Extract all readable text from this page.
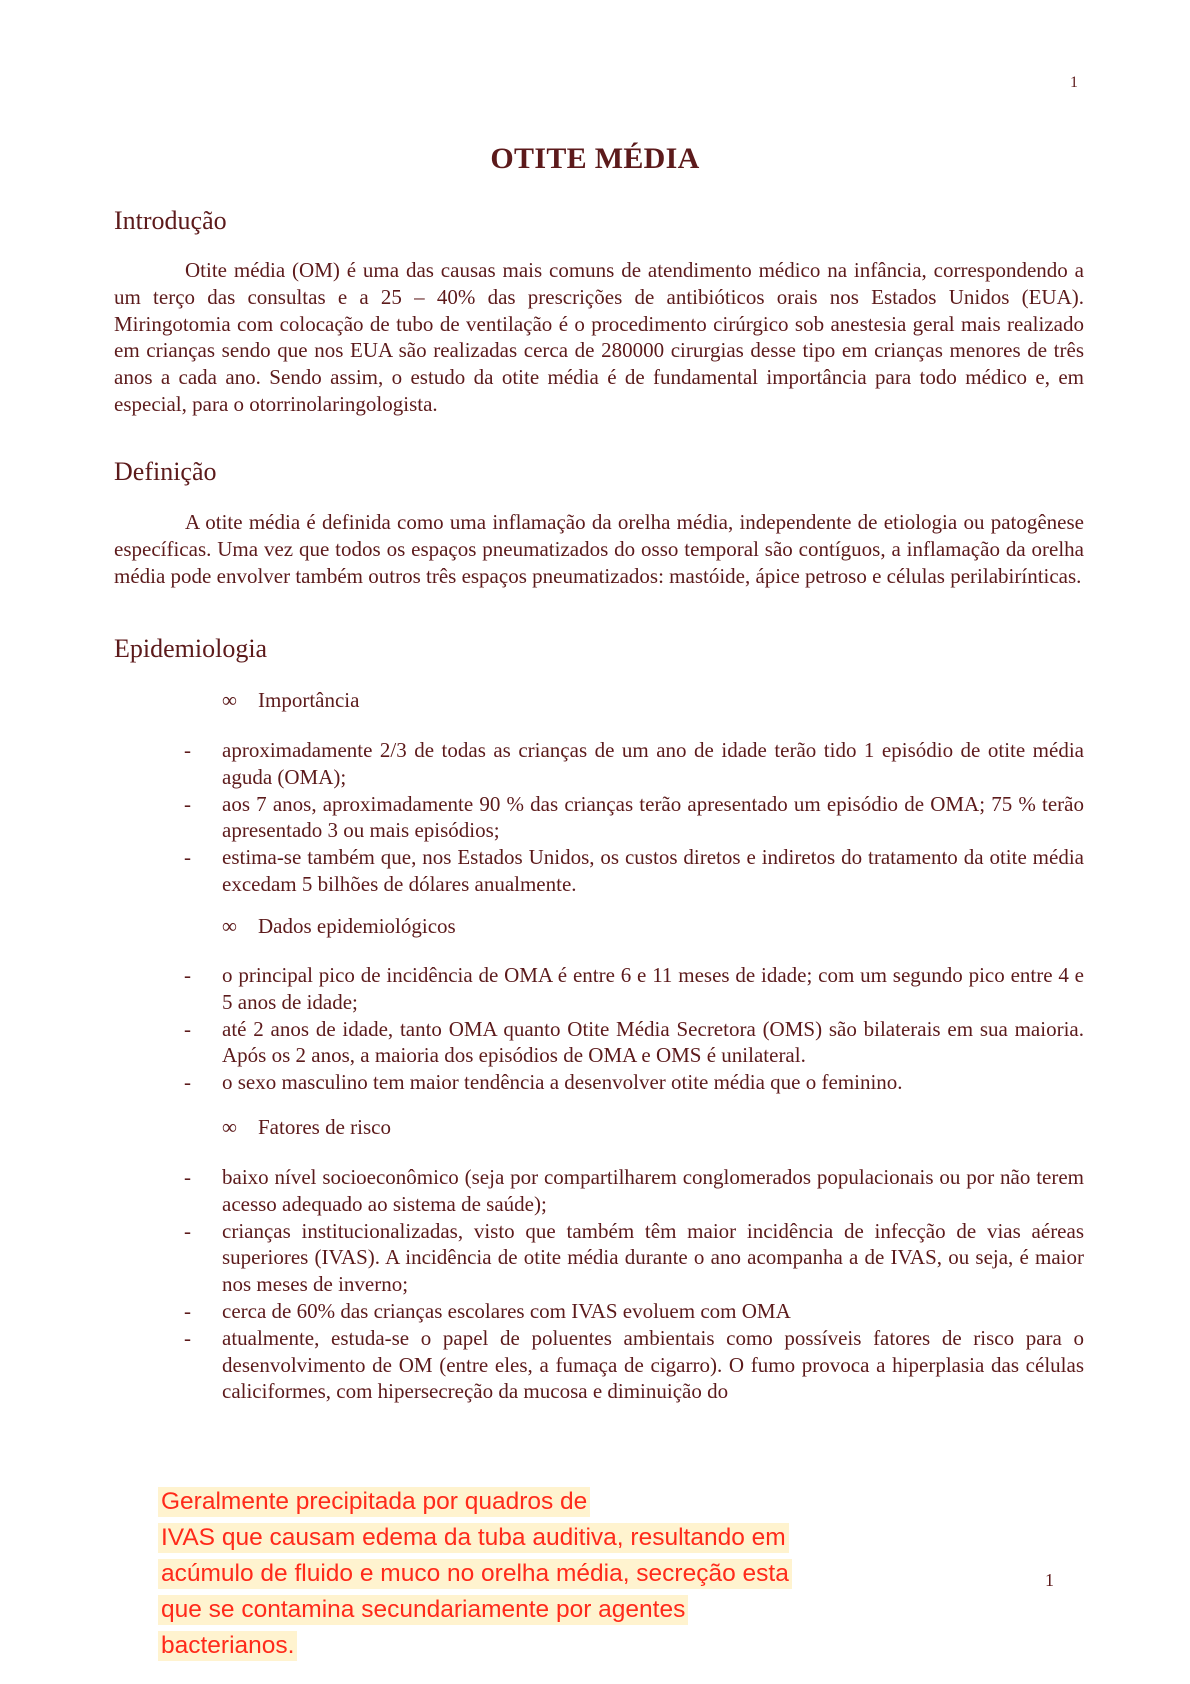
1
OTITE MÉDIA
Introdução

Otite média (OM) é uma das causas mais comuns de atendimento médico na infância, correspondendo a um terço das consultas e a 25 – 40% das prescrições de antibióticos orais nos Estados Unidos (EUA). Miringotomia com colocação de tubo de ventilação é o procedimento cirúrgico sob anestesia geral mais realizado em crianças sendo que nos EUA são realizadas cerca de 280000 cirurgias desse tipo em crianças menores de três anos a cada ano. Sendo assim, o estudo da otite média é de fundamental importância para todo médico e, em especial, para o otorrinolaringologista.

Definição

A otite média é definida como uma inflamação da orelha média, independente de etiologia ou patogênese específicas. Uma vez que todos os espaços pneumatizados do osso temporal são contíguos, a inflamação da orelha média pode envolver também outros três espaços pneumatizados: mastóide, ápice petroso e células perilabirínticas.

Epidemiologia
∞ Importância
- aproximadamente 2/3 de todas as crianças de um ano de idade terão tido 1 episódio de otite média aguda (OMA);
- aos 7 anos, aproximadamente 90 % das crianças terão apresentado um episódio de OMA; 75 % terão apresentado 3 ou mais episódios;
- estima-se também que, nos Estados Unidos, os custos diretos e indiretos do tratamento da otite média excedam 5 bilhões de dólares anualmente.
∞ Dados epidemiológicos
- o principal pico de incidência de OMA é entre 6 e 11 meses de idade; com um segundo pico entre 4 e 5 anos de idade;
- até 2 anos de idade, tanto OMA quanto Otite Média Secretora (OMS) são bilaterais em sua maioria. Após os 2 anos, a maioria dos episódios de OMA e OMS é unilateral.
- o sexo masculino tem maior tendência a desenvolver otite média que o feminino.
∞ Fatores de risco
- baixo nível socioeconômico (seja por compartilharem conglomerados populacionais ou por não terem acesso adequado ao sistema de saúde);
- crianças institucionalizadas, visto que também têm maior incidência de infecção de vias aéreas superiores (IVAS). A incidência de otite média durante o ano acompanha a de IVAS, ou seja, é maior nos meses de inverno;
- cerca de 60% das crianças escolares com IVAS evoluem com OMA
- atualmente, estuda-se o papel de poluentes ambientais como possíveis fatores de risco para o desenvolvimento de OM (entre eles, a fumaça de cigarro). O fumo provoca a hiperplasia das células caliciformes, com hipersecreção da mucosa e diminuição do
1

Geralmente precipitada por quadros de
IVAS que causam edema da tuba auditiva, resultando em
acúmulo de fluido e muco no orelha média, secreção esta
que se contamina secundariamente por agentes
bacterianos.
